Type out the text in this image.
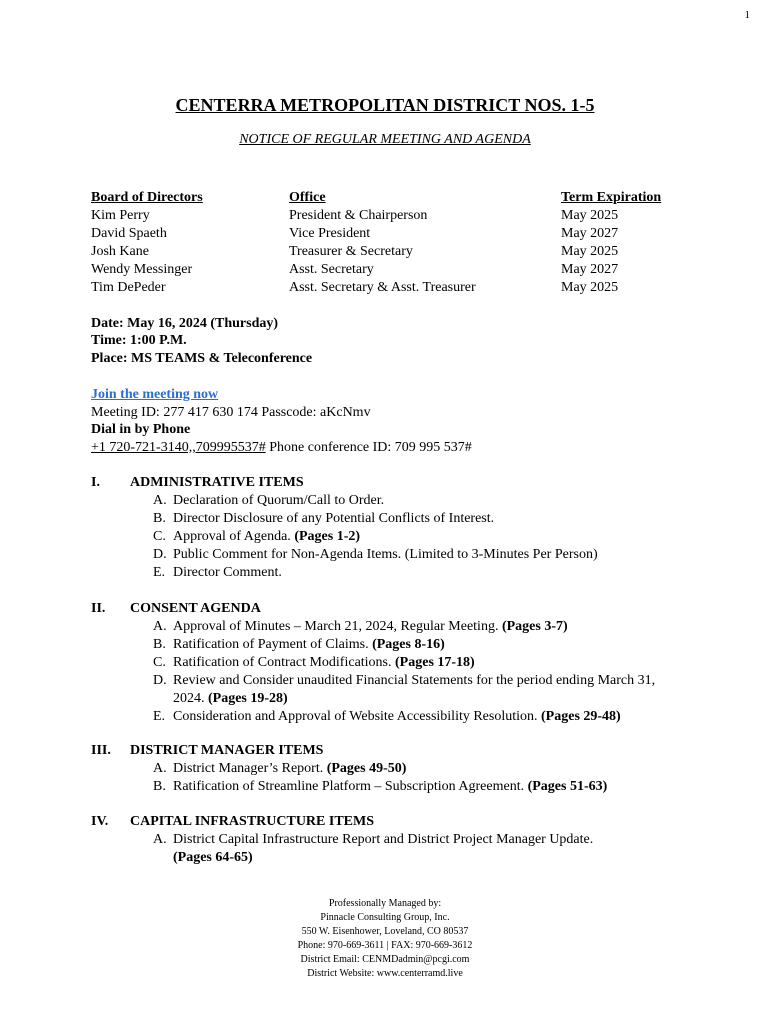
1
CENTERRA METROPOLITAN DISTRICT NOS. 1-5
NOTICE OF REGULAR MEETING AND AGENDA
Board of Directors	Office	Term Expiration
Kim Perry	President & Chairperson	May 2025
David Spaeth	Vice President	May 2027
Josh Kane	Treasurer & Secretary	May 2025
Wendy Messinger	Asst. Secretary	May 2027
Tim DePeder	Asst. Secretary & Asst. Treasurer	May 2025
Date: May 16, 2024 (Thursday)
Time: 1:00 P.M.
Place: MS TEAMS & Teleconference
Join the meeting now
Meeting ID: 277 417 630 174 Passcode: aKcNmv
Dial in by Phone
+1 720-721-3140,,709995537# Phone conference ID: 709 995 537#
I. ADMINISTRATIVE ITEMS
A. Declaration of Quorum/Call to Order.
B. Director Disclosure of any Potential Conflicts of Interest.
C. Approval of Agenda. (Pages 1-2)
D. Public Comment for Non-Agenda Items. (Limited to 3-Minutes Per Person)
E. Director Comment.
II. CONSENT AGENDA
A. Approval of Minutes – March 21, 2024, Regular Meeting. (Pages 3-7)
B. Ratification of Payment of Claims. (Pages 8-16)
C. Ratification of Contract Modifications. (Pages 17-18)
D. Review and Consider unaudited Financial Statements for the period ending March 31,
2024. (Pages 19-28)
E. Consideration and Approval of Website Accessibility Resolution. (Pages 29-48)
III. DISTRICT MANAGER ITEMS
A. District Manager’s Report. (Pages 49-50)
B. Ratification of Streamline Platform – Subscription Agreement. (Pages 51-63)
IV. CAPITAL INFRASTRUCTURE ITEMS
A. District Capital Infrastructure Report and District Project Manager Update.
(Pages 64-65)
Professionally Managed by:
Pinnacle Consulting Group, Inc.
550 W. Eisenhower, Loveland, CO 80537
Phone: 970-669-3611 | FAX: 970-669-3612
District Email: CENMDadmin@pcgi.com
District Website: www.centerramd.live
